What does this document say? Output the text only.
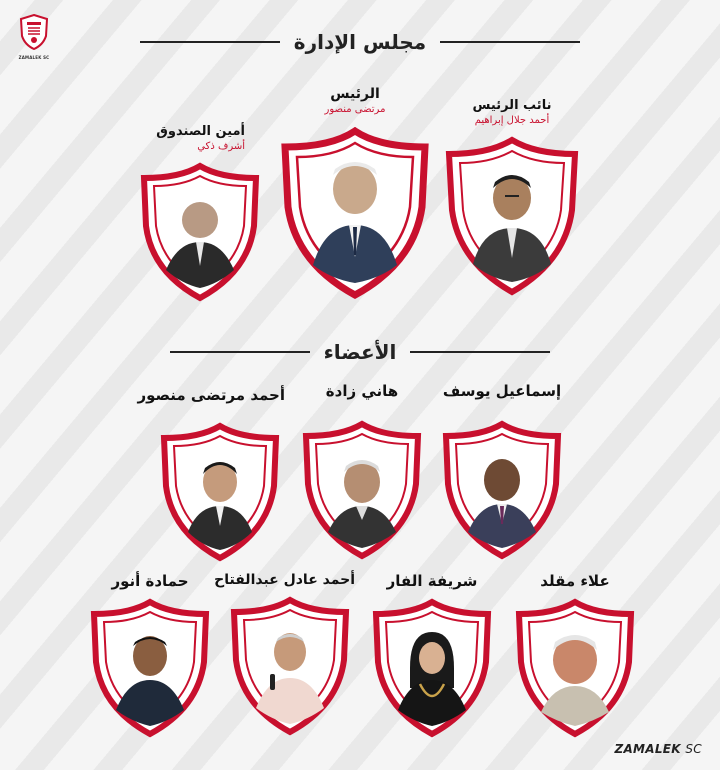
ZAMALEK SC
مجلس الإدارة
أمين الصندوق
أشرف ذكي
الرئيس
مرتضى منصور	نائب الرئيس
أحمد جلال إبراهيم
الأعضاء
أحمد مرتضى منصور	هاني زادة	إسماعيل يوسف
حمادة أنور	أحمد عادل عبدالفتاح	شريفة الفار	علاء مقلد
ZAMALEK SC
